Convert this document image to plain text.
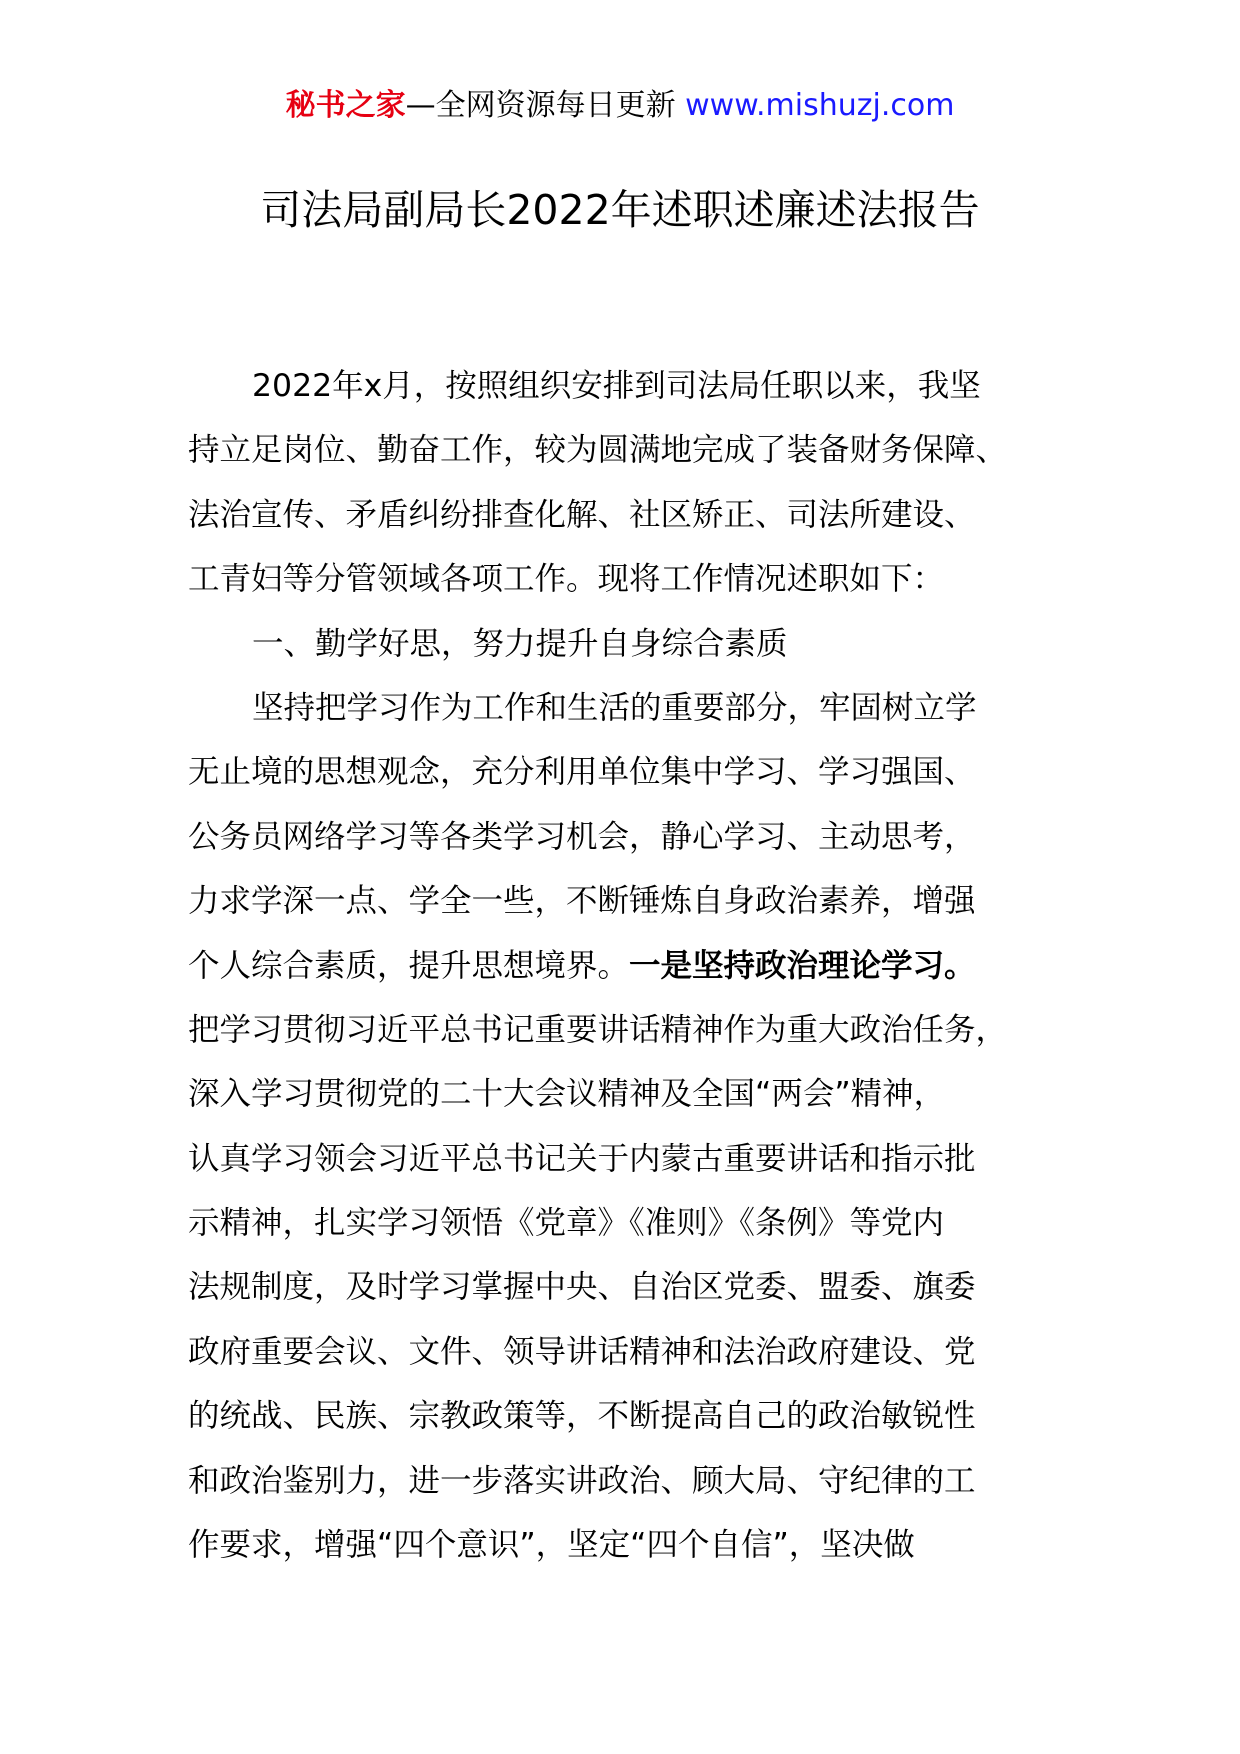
秘书之家—全网资源每日更新 www.mishuzj.com
司法局副局长2022年述职述廉述法报告
2022年x月，按照组织安排到司法局任职以来，我坚
持立足岗位、勤奋工作，较为圆满地完成了装备财务保障、
法治宣传、矛盾纠纷排查化解、社区矫正、司法所建设、
工青妇等分管领域各项工作。现将工作情况述职如下：
一、勤学好思，努力提升自身综合素质
坚持把学习作为工作和生活的重要部分，牢固树立学
无止境的思想观念，充分利用单位集中学习、学习强国、
公务员网络学习等各类学习机会，静心学习、主动思考，
力求学深一点、学全一些，不断锤炼自身政治素养，增强
个人综合素质，提升思想境界。一是坚持政治理论学习。
把学习贯彻习近平总书记重要讲话精神作为重大政治任务，
深入学习贯彻党的二十大会议精神及全国“两会”精神，
认真学习领会习近平总书记关于内蒙古重要讲话和指示批
示精神，扎实学习领悟《党章》《准则》《条例》等党内
法规制度，及时学习掌握中央、自治区党委、盟委、旗委
政府重要会议、文件、领导讲话精神和法治政府建设、党
的统战、民族、宗教政策等，不断提高自己的政治敏锐性
和政治鉴别力，进一步落实讲政治、顾大局、守纪律的工
作要求，增强“四个意识”，坚定“四个自信”，坚决做
